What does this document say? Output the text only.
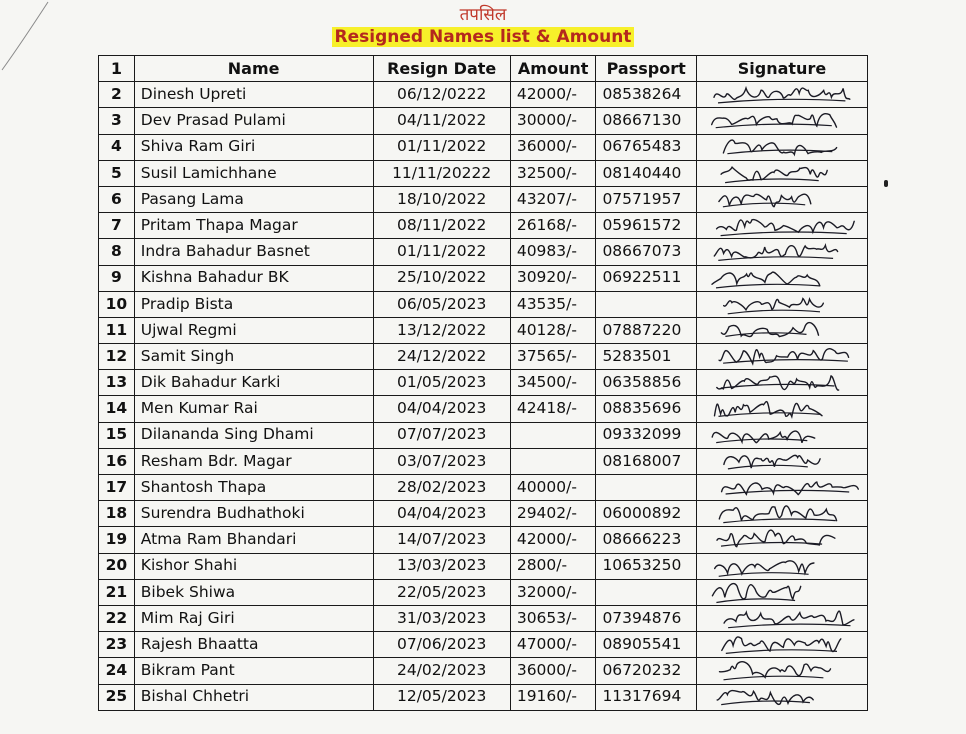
तपसिल
Resigned Names list & Amount
1	Name	Resign Date	Amount	Passport	Signature
2	Dinesh Upreti	06/12/0222	42000/-	08538264	

3	Dev Prasad Pulami	04/11/2022	30000/-	08667130	

4	Shiva Ram Giri	01/11/2022	36000/-	06765483	

5	Susil Lamichhane	11/11/20222	32500/-	08140440	

6	Pasang Lama	18/10/2022	43207/-	07571957	

7	Pritam Thapa Magar	08/11/2022	26168/-	05961572	

8	Indra Bahadur Basnet	01/11/2022	40983/-	08667073	

9	Kishna Bahadur BK	25/10/2022	30920/-	06922511	

10	Pradip Bista	06/05/2023	43535/-		

11	Ujwal Regmi	13/12/2022	40128/-	07887220	

12	Samit Singh	24/12/2022	37565/-	5283501	

13	Dik Bahadur Karki	01/05/2023	34500/-	06358856	

14	Men Kumar Rai	04/04/2023	42418/-	08835696	

15	Dilananda Sing Dhami	07/07/2023		09332099	

16	Resham Bdr. Magar	03/07/2023		08168007	

17	Shantosh Thapa	28/02/2023	40000/-		

18	Surendra Budhathoki	04/04/2023	29402/-	06000892	

19	Atma Ram Bhandari	14/07/2023	42000/-	08666223	

20	Kishor Shahi	13/03/2023	2800/-	10653250	

21	Bibek Shiwa	22/05/2023	32000/-		

22	Mim Raj Giri	31/03/2023	30653/-	07394876	

23	Rajesh Bhaatta	07/06/2023	47000/-	08905541	

24	Bikram Pant	24/02/2023	36000/-	06720232	

25	Bishal Chhetri	12/05/2023	19160/-	11317694	
